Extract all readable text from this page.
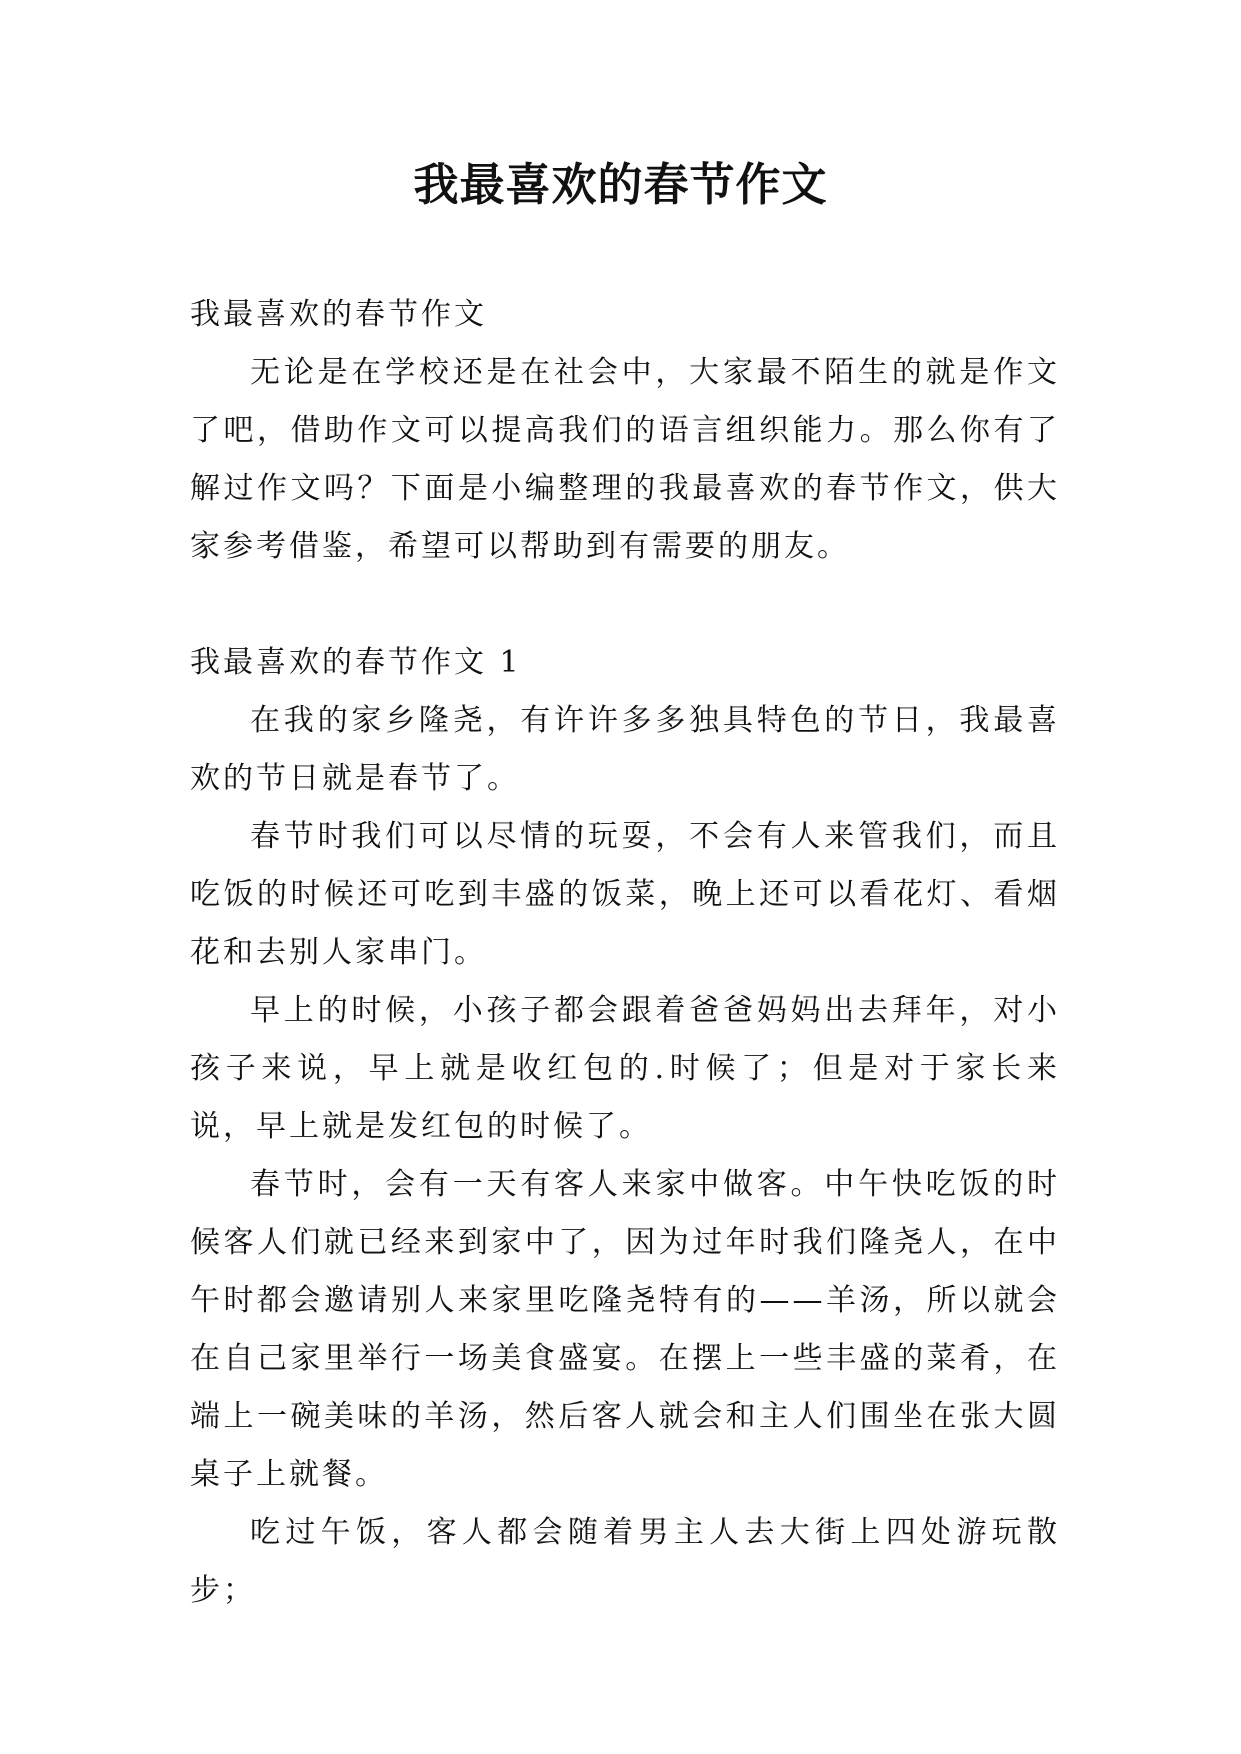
我最喜欢的春节作文
我最喜欢的春节作文

无论是在学校还是在社会中，大家最不陌生的就是作文了吧，借助作文可以提高我们的语言组织能力。那么你有了解过作文吗？下面是小编整理的我最喜欢的春节作文，供大家参考借鉴，希望可以帮助到有需要的朋友。

我最喜欢的春节作文 1

在我的家乡隆尧，有许许多多独具特色的节日，我最喜欢的节日就是春节了。

春节时我们可以尽情的玩耍，不会有人来管我们，而且吃饭的时候还可吃到丰盛的饭菜，晚上还可以看花灯、看烟花和去别人家串门。

早上的时候，小孩子都会跟着爸爸妈妈出去拜年，对小孩子来说，早上就是收红包的.时候了；但是对于家长来说，早上就是发红包的时候了。

春节时，会有一天有客人来家中做客。中午快吃饭的时候客人们就已经来到家中了，因为过年时我们隆尧人，在中午时都会邀请别人来家里吃隆尧特有的——羊汤，所以就会在自己家里举行一场美食盛宴。在摆上一些丰盛的菜肴，在端上一碗美味的羊汤，然后客人就会和主人们围坐在张大圆桌子上就餐。

吃过午饭，客人都会随着男主人去大街上四处游玩散步；
